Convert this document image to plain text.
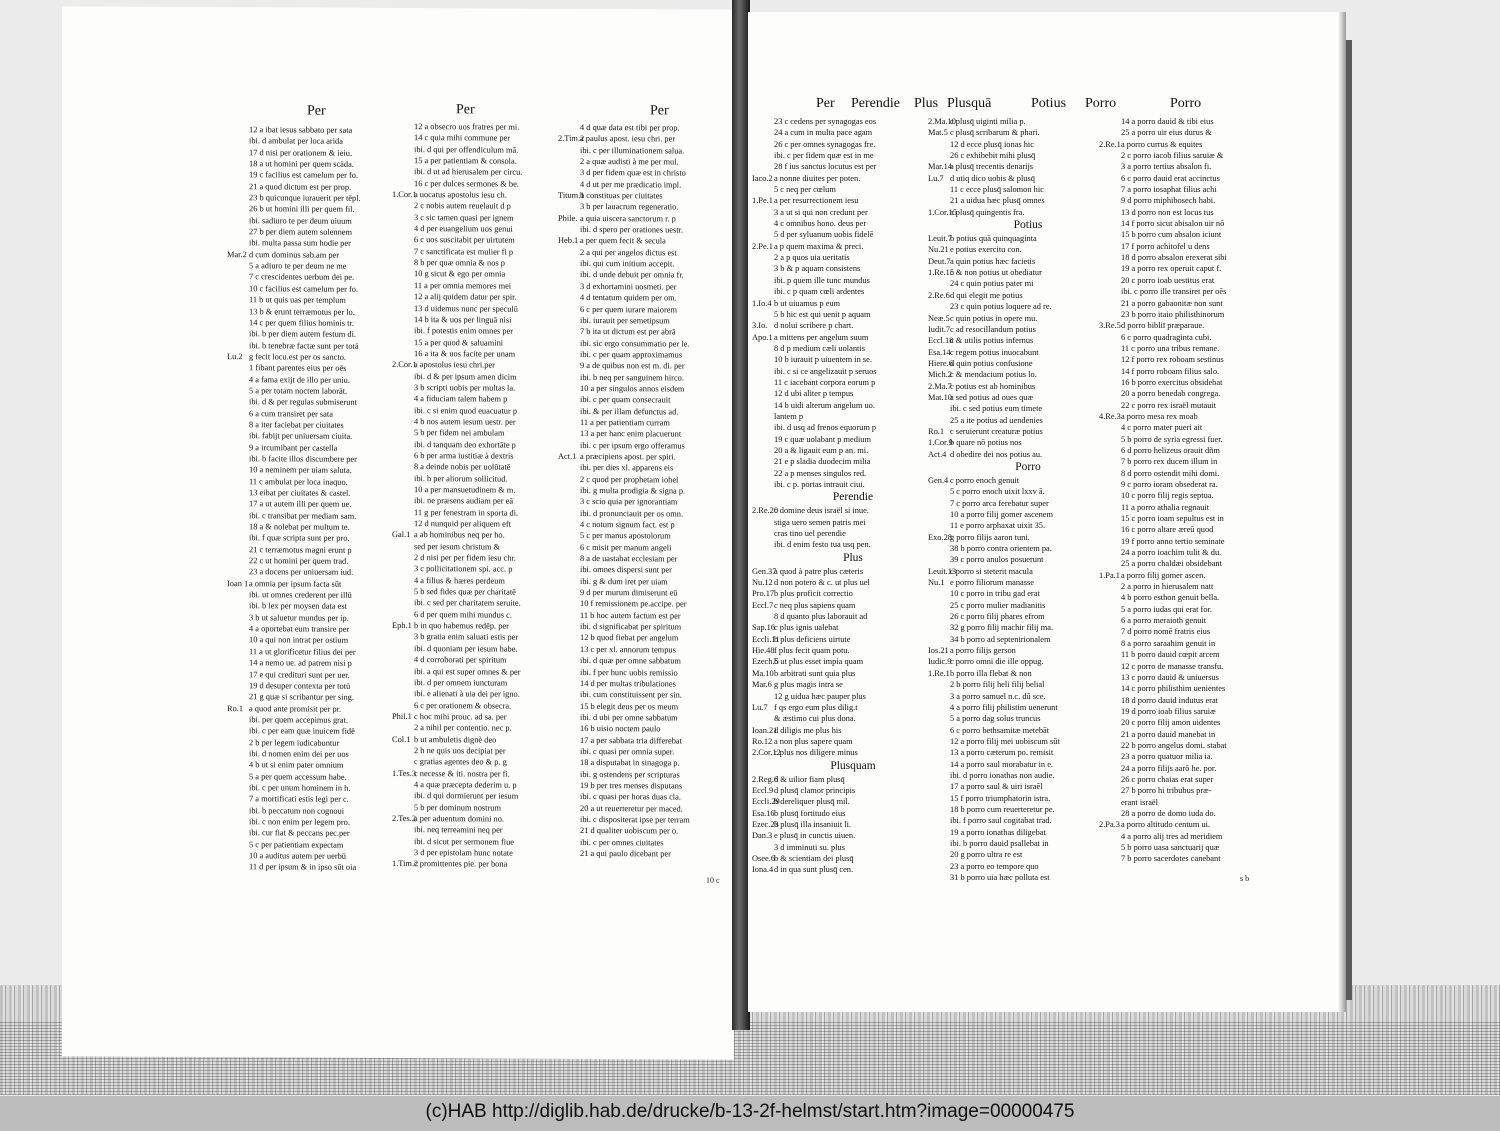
Per	Per	Per
12 a ibat iesus sabbato per sata
ibi. d ambulat per loca arida
17 d nisi per orationem & ieiu.
18 a ut homini per quem scāda.
19 c facilius est camelum per fo.
21 a quod dictum est per prop.
23 b quicunque iurauerit per tēpl.
26 b ut homini illi per quem fil.
ibi. sadiuro te per deum uiuum
27 b per diem autem solennem
ibi. multa passa sum hodie per
Mar.2 d cum dominus sab.am per
5 a adiuro te per deum ne me
7 c crescidentes uerbum dei pe.
10 c facilius est camelum per fo.
11 b ut quis uas per templum
13 b & erunt terræmotus per lo.
14 c per quem filius hominis tr.
ibi. b per diem autem festum di.
ibi. b tenebræ factæ sunt per totā
Lu.2 g fecit locu.est per os sancto.
1 fibant parentes eius per oēs
4 a fama exijt de illo per uniu.
5 a per totam noctem laborāt.
ibi. d & per regulas submiserunt
6 a cum transiret per sata
8 a iter faciebat per ciuitates
ibi. fabijt per uniuersam ciuita.
9 a ircumibant per castella
ibi. b facite illos discumbere per
10 a neminem per uiam saluta.
11 c ambulat per loca inaquo.
13 eibat per ciuitates & castel.
17 a ut autem illi per quem ue.
ibi. c transibat per mediam sam.
18 a & nolebat per multum te.
ibi. f quæ scripta sunt per pro.
21 c terræmotus magni erunt p
22 c ut homini per quem trad.
23 a docens per uniuersam iud.
Ioan 1a omnia per ipsum facta sūt
ibi. ut omnes crederent per illū
ibi. b lex per moysen data est
3 b ut saluetur mundus per ip.
4 a oportebat eum transire per
10 a qui non intrat per ostium
11 a ut glorificetur filius dei per
14 a nemo ue. ad patrem nisi p
17 e qui credituri sunt per uer.
19 d desuper contexta per totū
21 g quæ si scribantur per sing.
Ro.1 a quod ante promisit per pr.
ibi. per quem accepimus grat.
ibi. c per eam quæ inuicem fidē
2 b per legem iudicabuntur
ibi. d nomen enim dei per uos
4 b ut si enim pater omnium
5 a per quem accessum habe.
ibi. c per unum hominem in h.
7 a mortificati estis legi per c.
ibi. b peccatum non cognoui
ibi. c non enim per legem pro.
ibi. cur fiat & peccans pec.per
5 c per patientiam expectam
10 a auditus autem per uerbū
11 d per ipsum & in ipso sūt oia
12 a obsecro uos fratres per mi.
14 c quia mihi commune per
ibi. d qui per offendiculum mā.
15 a per patientiam & consola.
ibi. d ut ad hierusalem per circu.
16 c per dulces sermones & be.
1.Cor.1a uocatus apostolus iesu ch.
2 c nobis autem reuelauit d p
3 c sic tamen quasi per ignem
4 d per euangelium uos genui
6 c uos suscitabit per uirtutem
7 c sanctificata est mulier fi p
8 b per quæ omnia & nos p
10 g sicut & ego per omnia
11 a per omnia memores mei
12 a alij quidem datur per spir.
13 d uidemus nunc per speculū
14 b ita & uos per linguā nisi
ibi. f potestis enim omnes per
15 a per quod & saluamini
16 a ita & uos facite per unam
2.Cor.1a apostolus iesu chri.per
ibi. d & per ipsum amen dicim
3 b scripti uobis per multas la.
4 a fiduciam talem habem p
ibi. c si enim quod euacuatur p
4 b nos autem iesum uestr. per
5 b per fidem nei ambulam
ibi. d tanquam deo exhortāte p
6 b per arma iustitiæ à dextris
8 a deinde nobis per uolūtatē
ibi. b per aliorum sollicitud.
10 a per mansuetudinem & m.
ibi. ne præsens audiam per eā
11 g per fenestram in sporta di.
12 d nunquid per aliquem eft
Gal.1 a ab hominibus neq per ho.
sed per iesum christum &
2 d nisi per per fidem iesu chr.
3 c pollicitationem spi. acc. p
4 a filius & hæres perdeum
5 b sed fides quæ per charitatē
ibi. c sed per charitatem seruite.
6 d per quem mihi mundus c.
Eph.1 b in quo habemus redēp. per
3 b gratia enim saluati estis per
ibi. d quoniam per iesum habe.
4 d corroborati per spiritum
ibi. a qui est super omnes & per
ibi. d per omnem iuncturam
ibi. e alienati à uia dei per igno.
6 c per orationem & obsecra.
Phil.1 c hoc mihi prouc. ad sa. per
2 a nihil per contentio. nec p.
Col.1 b ut ambuletis dignè deo
2 b ne quis uos decipiat per
c gratias agentes deo & p. g
1.Tes.3c necesse & iti. nostra per fi.
4 a quæ præcepta dederim u. p
ibi. d qui dormierunt per iesum
5 b per dominum nostrum
2.Tes.2a per aduentum domini no.
ibi. neq terreamini neq per
ibi. d sicut per sermonem fiue
3 d per epistolam hunc notate
1.Tim.2c promittentes pie. per bona
4 d quæ data est tibi per prop.
2.Tim.2a paulus apost. iesu chri. per
ibi. c per illuminationem salua.
2 a quæ audisti à me per mul.
3 d per fidem quæ est in christo
4 d ut per me prædicatio impl.
Titum.1b constituas per ciuitates
3 b per lauacrum regeneratio.
Phile. a quia uiscera sanctorum r. p
ibi. d spero per orationes uestr.
Heb.1 a per quem fecit & secula
2 a qui per angelos dictus est
ibi. qui cum initium accepit.
ibi. d unde debuit per omnia fr.
3 d exhortamini uosmeti. per
4 d tentatum quidem per om.
6 c per quem iurare maiorem
ibi. iurauit per semetipsum
7 b ita ut dictum est per abrā
ibi. sic ergo consummatio per le.
ibi. c per quam approximamus
9 a de quibus non est m. di. per
ibi. b neq per sanguinem hirco.
10 a per singulos annos eisdem
ibi. c per quam consecrauit
ibi. & per illam defunctus ad.
11 a per patientiam curram
13 a per hanc enim placuerunt
ibi. c per ipsum ergo offeramus
Act.1 a præcipiens apost. per spiri.
ibi. per dies xl. apparens eis
2 c quod per prophetam iohel
ibi. g multa prodigia & signa p.
3 c scio quia per ignorantiam
ibi. d pronunciauit per os omn.
4 c notum signum fact. est p
5 c per manus apostolorum
6 c misit per manum angeli
8 a de uastabat ecclesiam per
ibi. omnes dispersi sunt per
ibi. g & dum iret per uiam
9 d per murum dimiserunt eū
10 f remissionem pe.accipe. per
11 b hoc autem factum est per
ibi. d significabat per spiritum
12 b quod fiebat per angelum
13 c per xl. annorum tempus
ibi. d quæ per omne sabbatum
ibi. f per hunc uobis remissio
14 d per multas tribulationes
ibi. cum constituissent per sin.
15 b elegit deus per os meum
ibi. d ubi per omne sabbatum
16 b uisio noctem paulo
17 a per sabbata tria differebat
ibi. c quasi per omnia super.
18 a disputabat in sinagoga p.
ibi. g ostendens per scripturas
19 b per tres menses disputans
ibi. c quasi per horas duas cla.
20 a ut reuerteretur per maced.
ibi. c dispositerat ipse per terram
21 d qualiter uobiscum per o.
ibi. c per omnes ciuitates
21 a qui paulo dicebant per
10 c
Per Perendie Plus Plusquā	Potius Porro	Porro
23 c cedens per synagogas eos
24 a cum in multa pace agam
26 c per omnes synagogas fre.
ibi. c per fidem quæ est in me
28 f ius sanctus locutus est per
Iaco.2a nonne diuites per poten.
5 c neq per cœlum
1.Pe.1a per resurrectionem iesu
3 a ut si qui non credunt per
4 c omnibus hono. deus per
5 d per syluanum uobis fidelē
2.Pe.1a p quem maxima & preci.
2 a p quos uia ueritatis
3 b & p aquam consistens
ibi. p quem ille tunc mundus
ibi. c p quam cœli ardentes
1.Io.4 b ut uiuamus p eum
5 b hic est qui uenit p aquam
3.Io. d nolui scribere p chart.
Apo.1a mittens per angelum suum
8 d p medium cæli uolantis
10 b iurauit p uiuentem in se.
ibi. c si ce angelizauit p seruos
11 c iacebant corpora eorum p
12 d ubi aliter p tempus
14 b uidi alterum angelum uo.
lantem p
ibi. d usq ad frenos equorum p
19 c quæ uolabant p medium
20 a & ligauit eum p an. mi.
21 e p sladia duodecim milia
22 a p menses singulos red.
ibi. c p. portas intrauit ciui.
Perendie
2.Re.20c domine deus israël si inue.
stiga uero semen patris mei
cras tino uel perendie
ibi. d enim festo tua usq pen.
Plus
Gen.37a quod à patre plus cæteris
Nu.12d non potero & c. ut plus uel
Pro.17b plus proficit correctio
Eccl.7c neq plus sapiens quam
8 d quanto plus laborauit ad
Sap.16c plus ignis ualebat
Eccli.11b plus deficiens uirtute
Hie.48f plus fecit quam potu.
Ezech.5b ut plus esset impia quam
Ma.10b arbitrati sunt quia plus
Mar.6 g plus magis intra se
12 g uidua hæc pauper plus
Lu.7 f qs ergo eum plus dilig.t
& æstimo cui plus dona.
Ioan.21d diligis me plus his
Ro.12 a non plus sapere quam
2.Cor.12c plus nos diligere minus
Plusquam
2.Reg.6d & uilior fiam plusq̄
Eccl.9d plusq̄ clamor principis
Eccli.29b dereliquer plusq̄ mil.
Esa.16b plusq̄ fortitudo eius
Ezec.23b plusq̄ illa insaniuit li.
Dan.3 e plusq̄ in cunctis uiuen.
3 d imminuti su. plus
Osee.6b & scientiam dei plusq̄
Iona.4d in qua sunt plusq̄ cen.
2.Ma.10c plusq̄ uiginti milia p.
Mat.5 c plusq̄ scribarum & phari.
12 d ecce plusq̄ ionas hic
26 c exhibebit mihi plusq̄
Mar.14a plusq̄ trecentis denarijs
Lu.7 d utiq dico uobis & plusq̄
11 c ecce plusq̄ salomon hic
21 a uidua hæc plusq̄ omnes
1.Cor.15a plusq̄ quingentis fra.
Potius
Leuit.7b potius quā quinquaginta
Nu.21e potius exercitu con.
Deut.7a quin potius hæc facietis
1.Re.15c & non potius ut obediatur
24 c quin potius pater mi
2.Re.6d qui elegit me potius
23 c quin potius loquere ad re.
Neæ.5c quin potius in opere mu.
Iudit.7c ad resocillandum potius
Eccl.18c & utilis potius infernus
Esa.14c regem potius inuocabunt
Hiere.6d quin potius confusione
Mich.2c & mendacium potius lo.
2.Ma.7c potius est ab hominibus
Mat.10a sed potius ad oues quæ
ibi. c sed potius eum timete
25 a ite potius ad uendenies
Ro.1 c seruierunt creaturæ potius
1.Cor.9b quare nō potius nos
Act.4 d obedire dei nos potius au.
Porro
Gen.4 c porro enoch genuit
5 c porro enoch uixit lxxv ā.
7 c porro arca ferebatur super
10 a porro filij gomer ascenem
11 e porro arphaxat uixit 35.
Exo.28g porro filijs aaron tuni.
38 b porro contra orientem pa.
39 c porro anulos posuerunt
Leuit.13c porro si steterit macula
Nu.1 e porro filiorum manasse
10 c porro in tribu gad erat
25 c porro mulier madianitis
26 c porro filij phares efrom
32 g porro filij machir filij ma.
34 b porro ad septentrionalem
Ios.21a porro filijs gerson
Iudic.9c porro omni die ille oppug.
1.Re.1b porro illa flebat & non
2 b porro filij heli filij belial
3 a porro samuel n.c. dū sce.
4 a porro filij philistim uenerunt
5 a porro dag solus truncus
6 c porro bethsamitæ metebāt
12 a porro filij mei uobiscum sūt
13 a porro cæterum po. remisit
14 a porro saul morabatur in e.
ibi. d porro ionathas non audie.
17 a porro saul & uiri israēl
15 f porro triumphatorin istra.
18 b porro cum reuerteretur pe.
ibi. f porro saul cogitabat trad.
19 a porro ionathas diligebat
ibi. b porro dauid psallebat in
20 g porro ultra re est
23 a porro eo tempore quo
31 b porro uia hæc polluta est
14 a porro dauid & tibi eius
25 a porro uir eius durus &
2.Re.1a porro currus & equites
2 c porro iacob filius saruiæ &
3 a porro tertius absalon fi.
6 c porro dauid erat accinctus
7 a porro iosaphat filius achi
9 d porro miphibosech habi.
13 d porro non est locus tus
14 f porro sicut abisalon uir nō
15 b porro cum absalon iciunt
17 f porro achitofel u dens
18 d porro absalon erexerat sibi
19 a porro rex operuit caput f.
20 c porro ioab uestitus erat
ibi. c porro ille transiret per oēs
21 a porro gabaonitæ non sunt
23 b porro itaio philisthinorum
3.Re.5d porro bibliī præparaue.
6 c porro quadraginta cubi.
11 c porro una tribus remane.
12 f porro rex roboam sestinus
14 f porro roboam filius salo.
16 b porro exercitus obsidebat
20 a porro benedab congrega.
22 c porro rex israël mutauit
4.Re.3a porro mesa rex moab
4 c porro mater pueri ait
5 b porro de syria egressi fuer.
6 d porro helizeus orauit dñm
7 b porro rex ducem illum in
8 d porro ostendit mihi domi.
9 c porro ioram obsederat ra.
10 c porro filij regis septua.
11 a porro athalia regnauit
15 c porro ioam sepultus est in
16 c porro altare æreū quod
19 f porro anno tertio seminate
24 a porro ioachim tulit & du.
25 a porro chaldæi obsidebant
1.Pa.1a porro filij gomer ascen.
2 a porro in hierusalem natt
4 b porro esthon genuit bella.
5 a porro iudas qui erat for.
6 a porro meraioth genuit
7 d porro nomē fratris eius
8 a porro saraahim genuit in
11 b porro dauid cœpit arcem
12 c porro de manasse transfu.
13 c porro dauid & uniuersus
14 c porro philisthim uenientes
18 d porro dauid indutus erat
19 d porro ioab filius saruiæ
20 c porro filij amon uidentes
21 a porro dauid manebat in
22 b porro angelus domi. stabat
23 a porro quatuor milia ia.
24 a porro filijs aarō he. por.
26 c porro chaias erat super
27 b porro hi tribubus præ-
erant israël
28 a porro de domo iuda do.
2.Pa.3a porro altitudo centum ui.
4 a porro alij tres ad meridiem
5 b porro uasa sanctuarij quæ
7 b porro sacerdotes canebant
s b
(c)HAB http://diglib.hab.de/drucke/b-13-2f-helmst/start.htm?image=00000475
